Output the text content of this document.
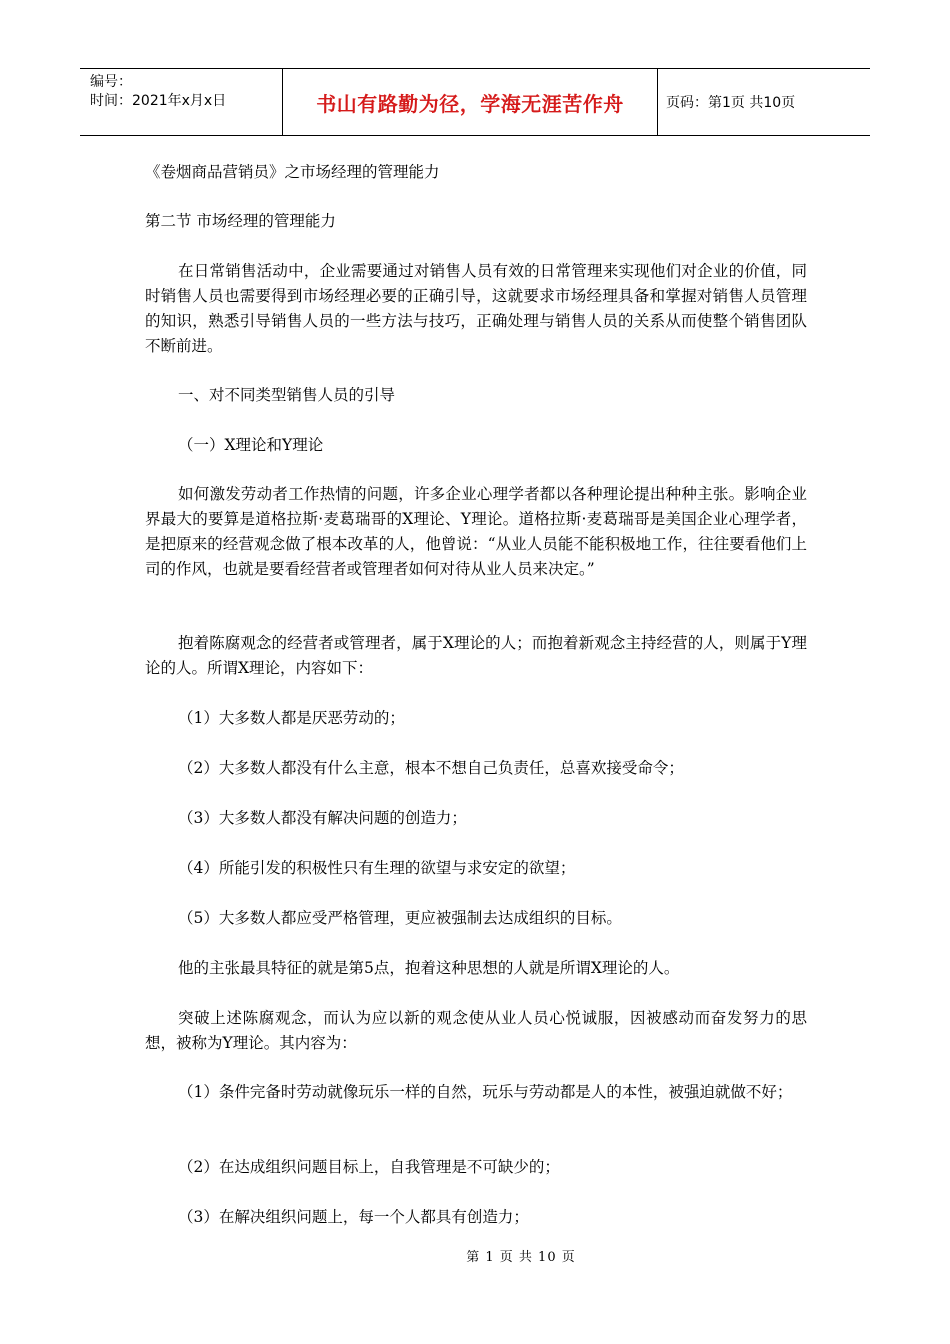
编号：
时间：2021年x月x日	书山有路勤为径，学海无涯苦作舟	页码：第1页 共10页

《卷烟商品营销员》之市场经理的管理能力

第二节 市场经理的管理能力

在日常销售活动中，企业需要通过对销售人员有效的日常管理来实现他们对企业的价值，同时销售人员也需要得到市场经理必要的正确引导，这就要求市场经理具备和掌握对销售人员管理的知识，熟悉引导销售人员的一些方法与技巧，正确处理与销售人员的关系从而使整个销售团队不断前进。

一、对不同类型销售人员的引导

（一）X理论和Y理论

如何激发劳动者工作热情的问题，许多企业心理学者都以各种理论提出种种主张。影响企业界最大的要算是道格拉斯·麦葛瑞哥的X理论、Y理论。道格拉斯·麦葛瑞哥是美国企业心理学者，是把原来的经营观念做了根本改革的人，他曾说：“从业人员能不能积极地工作，往往要看他们上司的作风，也就是要看经营者或管理者如何对待从业人员来决定。”

抱着陈腐观念的经营者或管理者，属于X理论的人；而抱着新观念主持经营的人，则属于Y理论的人。所谓X理论，内容如下：

（1）大多数人都是厌恶劳动的；

（2）大多数人都没有什么主意，根本不想自己负责任，总喜欢接受命令；

（3）大多数人都没有解决问题的创造力；

（4）所能引发的积极性只有生理的欲望与求安定的欲望；

（5）大多数人都应受严格管理，更应被强制去达成组织的目标。

他的主张最具特征的就是第5点，抱着这种思想的人就是所谓X理论的人。

突破上述陈腐观念，而认为应以新的观念使从业人员心悦诚服，因被感动而奋发努力的思想，被称为Y理论。其内容为：

（1）条件完备时劳动就像玩乐一样的自然，玩乐与劳动都是人的本性，被强迫就做不好；

（2）在达成组织问题目标上，自我管理是不可缺少的；

（3）在解决组织问题上，每一个人都具有创造力；

第 1 页 共 10 页
